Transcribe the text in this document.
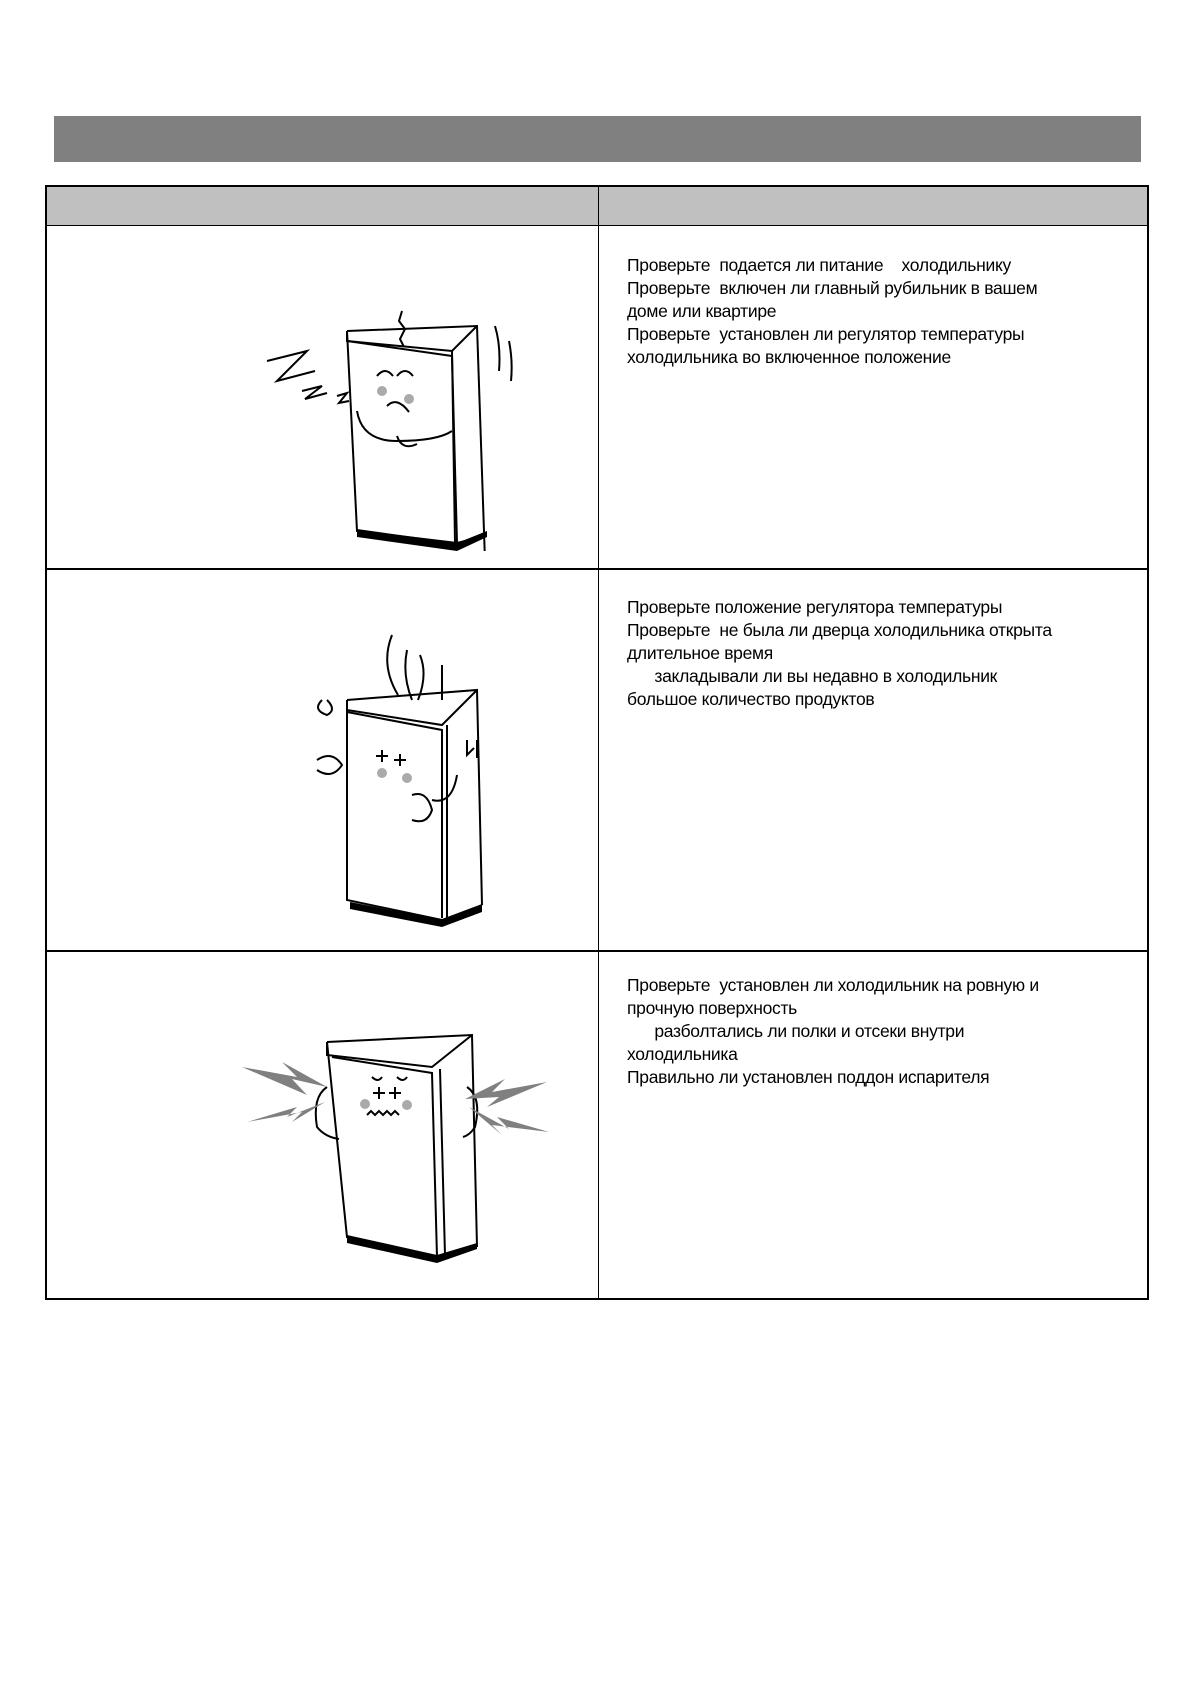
Проверьте  подается ли питание    холодильнику
Проверьте  включен ли главный рубильник в вашем
доме или квартире
Проверьте  установлен ли регулятор температуры
холодильника во включенное положение
Проверьте положение регулятора температуры
Проверьте  не была ли дверца холодильника открыта
длительное время
закладывали ли вы недавно в холодильник
большое количество продуктов
Проверьте  установлен ли холодильник на ровную и
прочную поверхность
разболтались ли полки и отсеки внутри
холодильника
Правильно ли установлен поддон испарителя
